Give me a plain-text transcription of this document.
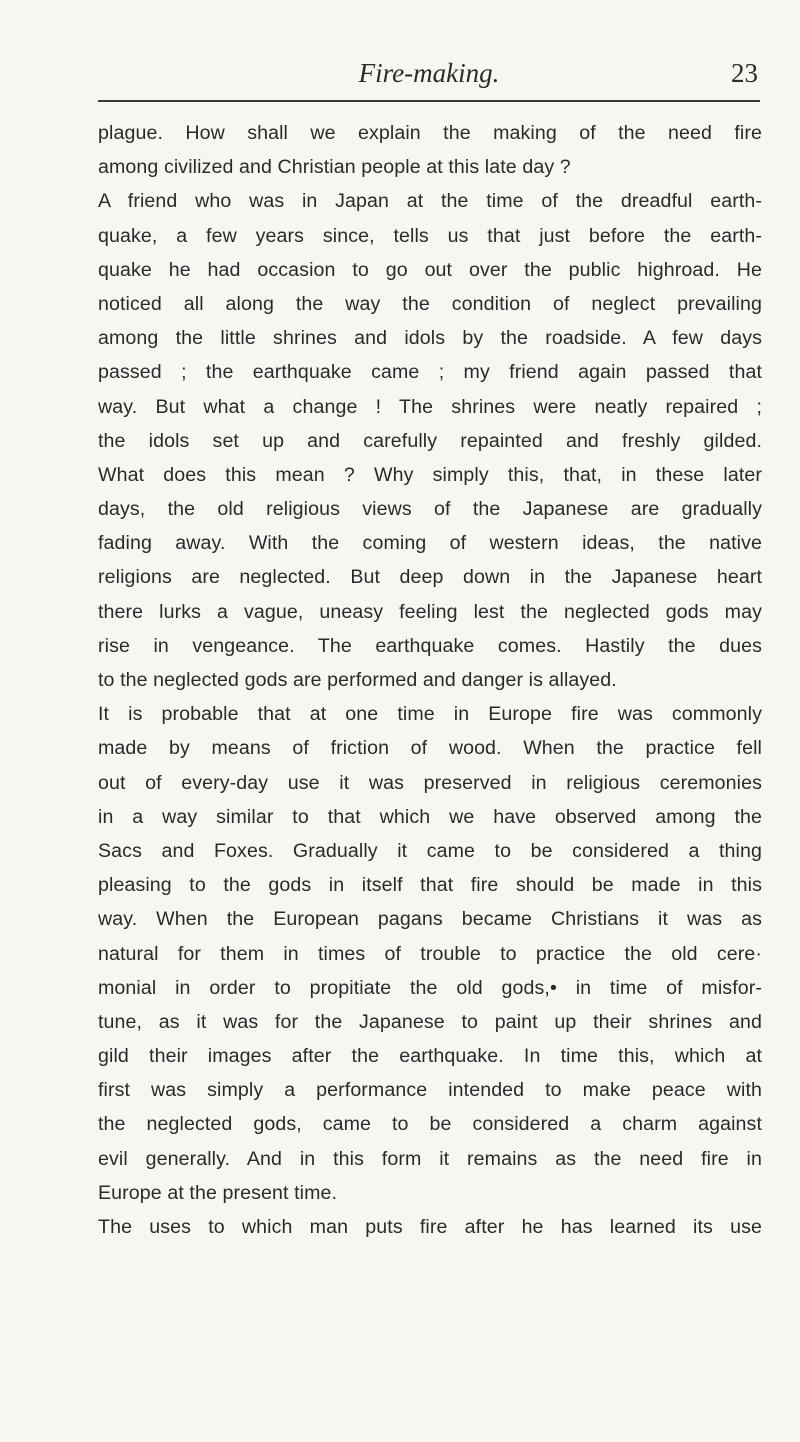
Fire-making.	23
plague. How shall we explain the making of the need fire
among civilized and Christian people at this late day ?
A friend who was in Japan at the time of the dreadful earth-
quake, a few years since, tells us that just before the earth-
quake he had occasion to go out over the public highroad. He
noticed all along the way the condition of neglect prevailing
among the little shrines and idols by the roadside. A few days
passed ; the earthquake came ; my friend again passed that
way. But what a change ! The shrines were neatly repaired ;
the idols set up and carefully repainted and freshly gilded.
What does this mean ? Why simply this, that, in these later
days, the old religious views of the Japanese are gradually
fading away. With the coming of western ideas, the native
religions are neglected. But deep down in the Japanese heart
there lurks a vague, uneasy feeling lest the neglected gods may
rise in vengeance. The earthquake comes. Hastily the dues
to the neglected gods are performed and danger is allayed.
It is probable that at one time in Europe fire was commonly
made by means of friction of wood. When the practice fell
out of every-day use it was preserved in religious ceremonies
in a way similar to that which we have observed among the
Sacs and Foxes. Gradually it came to be considered a thing
pleasing to the gods in itself that fire should be made in this
way. When the European pagans became Christians it was as
natural for them in times of trouble to practice the old cere·
monial in order to propitiate the old gods,• in time of misfor-
tune, as it was for the Japanese to paint up their shrines and
gild their images after the earthquake. In time this, which at
first was simply a performance intended to make peace with
the neglected gods, came to be considered a charm against
evil generally. And in this form it remains as the need fire in
Europe at the present time.
The uses to which man puts fire after he has learned its use
